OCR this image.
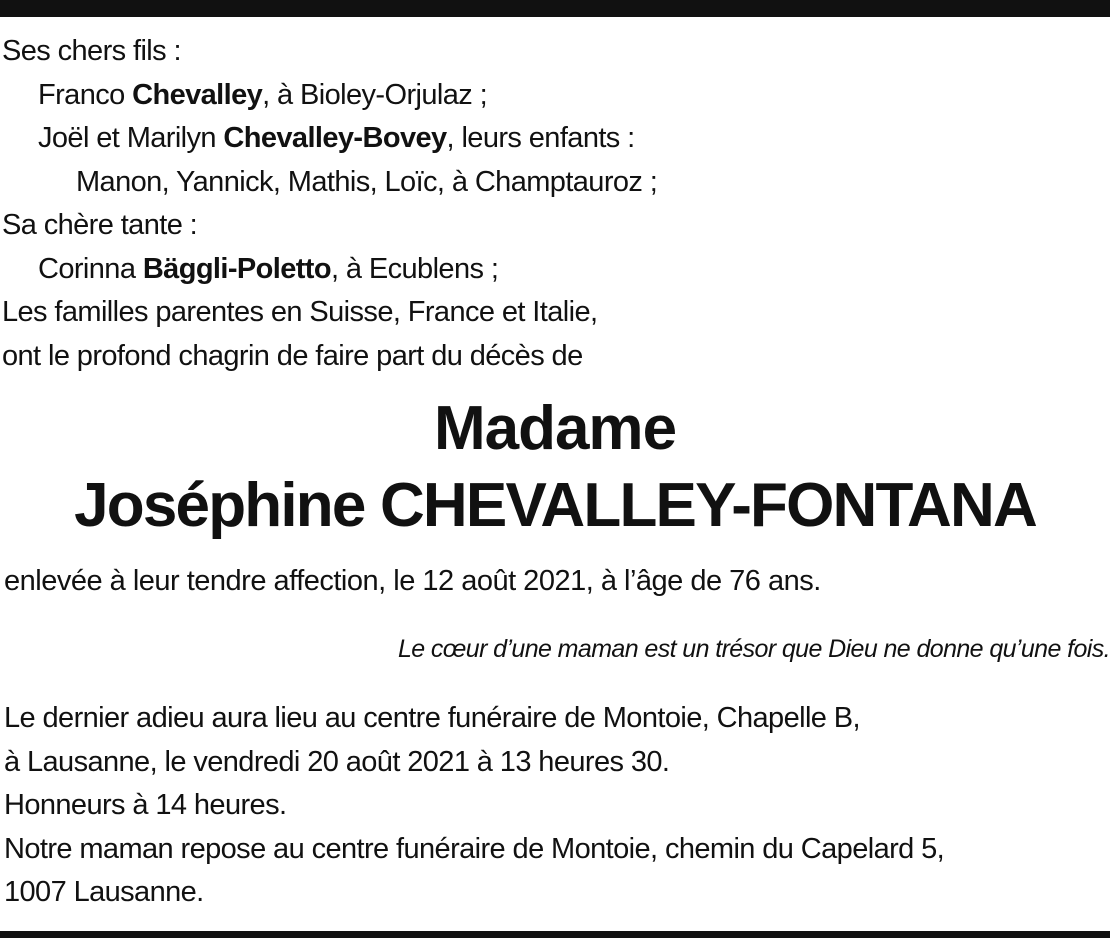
Ses chers fils :
Franco Chevalley, à Bioley-Orjulaz ;
Joël et Marilyn Chevalley-Bovey, leurs enfants :
Manon, Yannick, Mathis, Loïc, à Champtauroz ;
Sa chère tante :
Corinna Bäggli-Poletto, à Ecublens ;
Les familles parentes en Suisse, France et Italie,
ont le profond chagrin de faire part du décès de
Madame
Joséphine CHEVALLEY-FONTANA
enlevée à leur tendre affection, le 12 août 2021, à l’âge de 76 ans.
Le cœur d’une maman est un trésor que Dieu ne donne qu’une fois.
Le dernier adieu aura lieu au centre funéraire de Montoie, Chapelle B,
à Lausanne, le vendredi 20 août 2021 à 13 heures 30.
Honneurs à 14 heures.
Notre maman repose au centre funéraire de Montoie, chemin du Capelard 5,
1007 Lausanne.
